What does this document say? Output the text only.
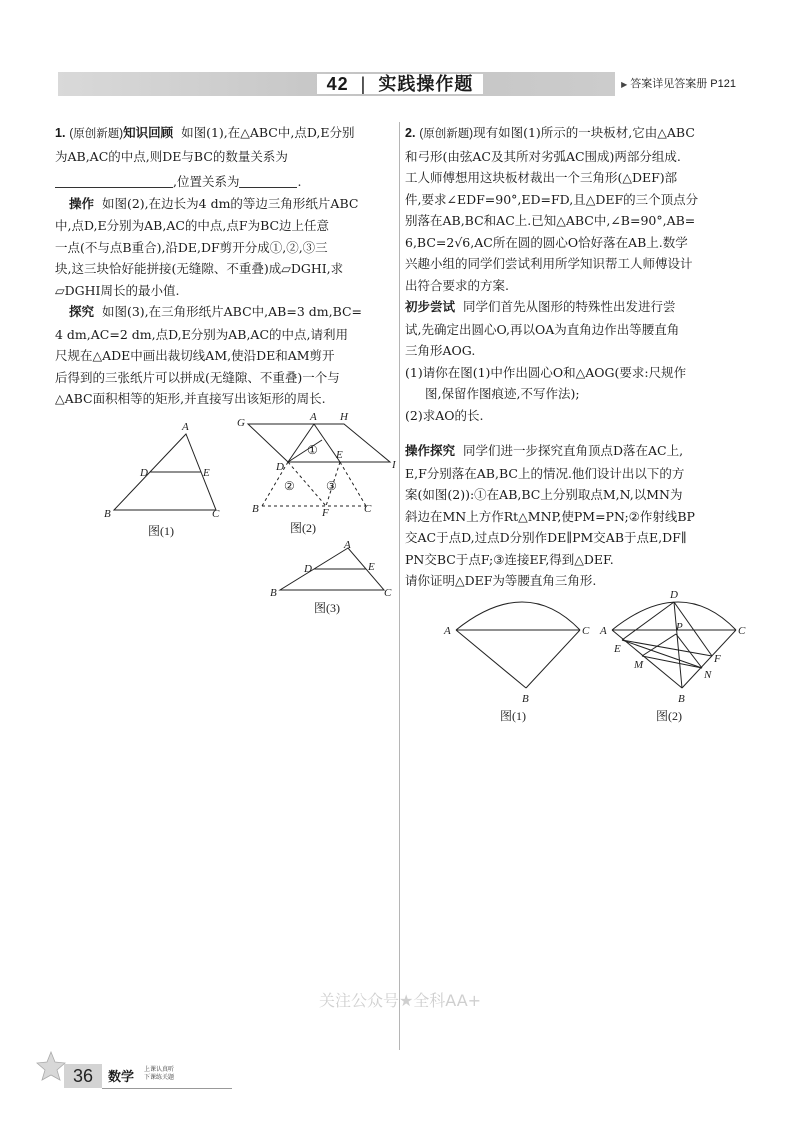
42 | 实践操作题	▶ 答案详见答案册 P121

1. (原创新题)知识回顾 如图(1),在△ABC中,点D,E分别

为AB,AC的中点,则DE与BC的数量关系为

,位置关系为	.

操作 如图(2),在边长为4 dm的等边三角形纸片ABC

中,点D,E分别为AB,AC的中点,点F为BC边上任意

一点(不与点B重合),沿DE,DF剪开分成①,②,③三

块,这三块恰好能拼接(无缝隙、不重叠)成▱DGHI,求

▱DGHI周长的最小值.

探究 如图(3),在三角形纸片ABC中,AB=3 dm,BC=

4 dm,AC=2 dm,点D,E分别为AB,AC的中点,请利用

尺规在△ADE中画出裁切线AM,使沿DE和AM剪开

后得到的三张纸片可以拼成(无缝隙、不重叠)一个与

△ABC面积相等的矩形,并直接写出该矩形的周长.

A
B	C
D	E
图(1)
G	A H
D
E
I
B	F	C
①
②	③
图(2)
A
B	C
D	E
图(3)

2. (原创新题)现有如图(1)所示的一块板材,它由△ABC

和弓形(由弦AC及其所对劣弧AC围成)两部分组成.

工人师傅想用这块板材裁出一个三角形(△DEF)部

件,要求∠EDF=90°,ED=FD,且△DEF的三个顶点分

别落在AB,BC和AC上.已知△ABC中,∠B=90°,AB=

6,BC=2√6,AC所在圆的圆心O恰好落在AB上.数学

兴趣小组的同学们尝试利用所学知识帮工人师傅设计

出符合要求的方案.

初步尝试 同学们首先从图形的特殊性出发进行尝

试,先确定出圆心O,再以OA为直角边作出等腰直角

三角形AOG.

(1)请你在图(1)中作出圆心O和△AOG(要求:尺规作

图,保留作图痕迹,不写作法);

(2)求AO的长.

操作探究 同学们进一步探究直角顶点D落在AC上,

E,F分别落在AB,BC上的情况.他们设计出以下的方

案(如图(2)):①在AB,BC上分别取点M,N,以MN为

斜边在MN上方作Rt△MNP,使PM=PN;②作射线BP

交AC于点D,过点D分别作DE∥PM交AB于点E,DF∥

PN交BC于点F;③连接EF,得到△DEF.

请你证明△DEF为等腰直角三角形.

A	C
B
图(1)
A	C
D
E
F
M
N
P
B
图(2)
关注公众号★全科AA+
36	数学 上课认真听
下课练关题
